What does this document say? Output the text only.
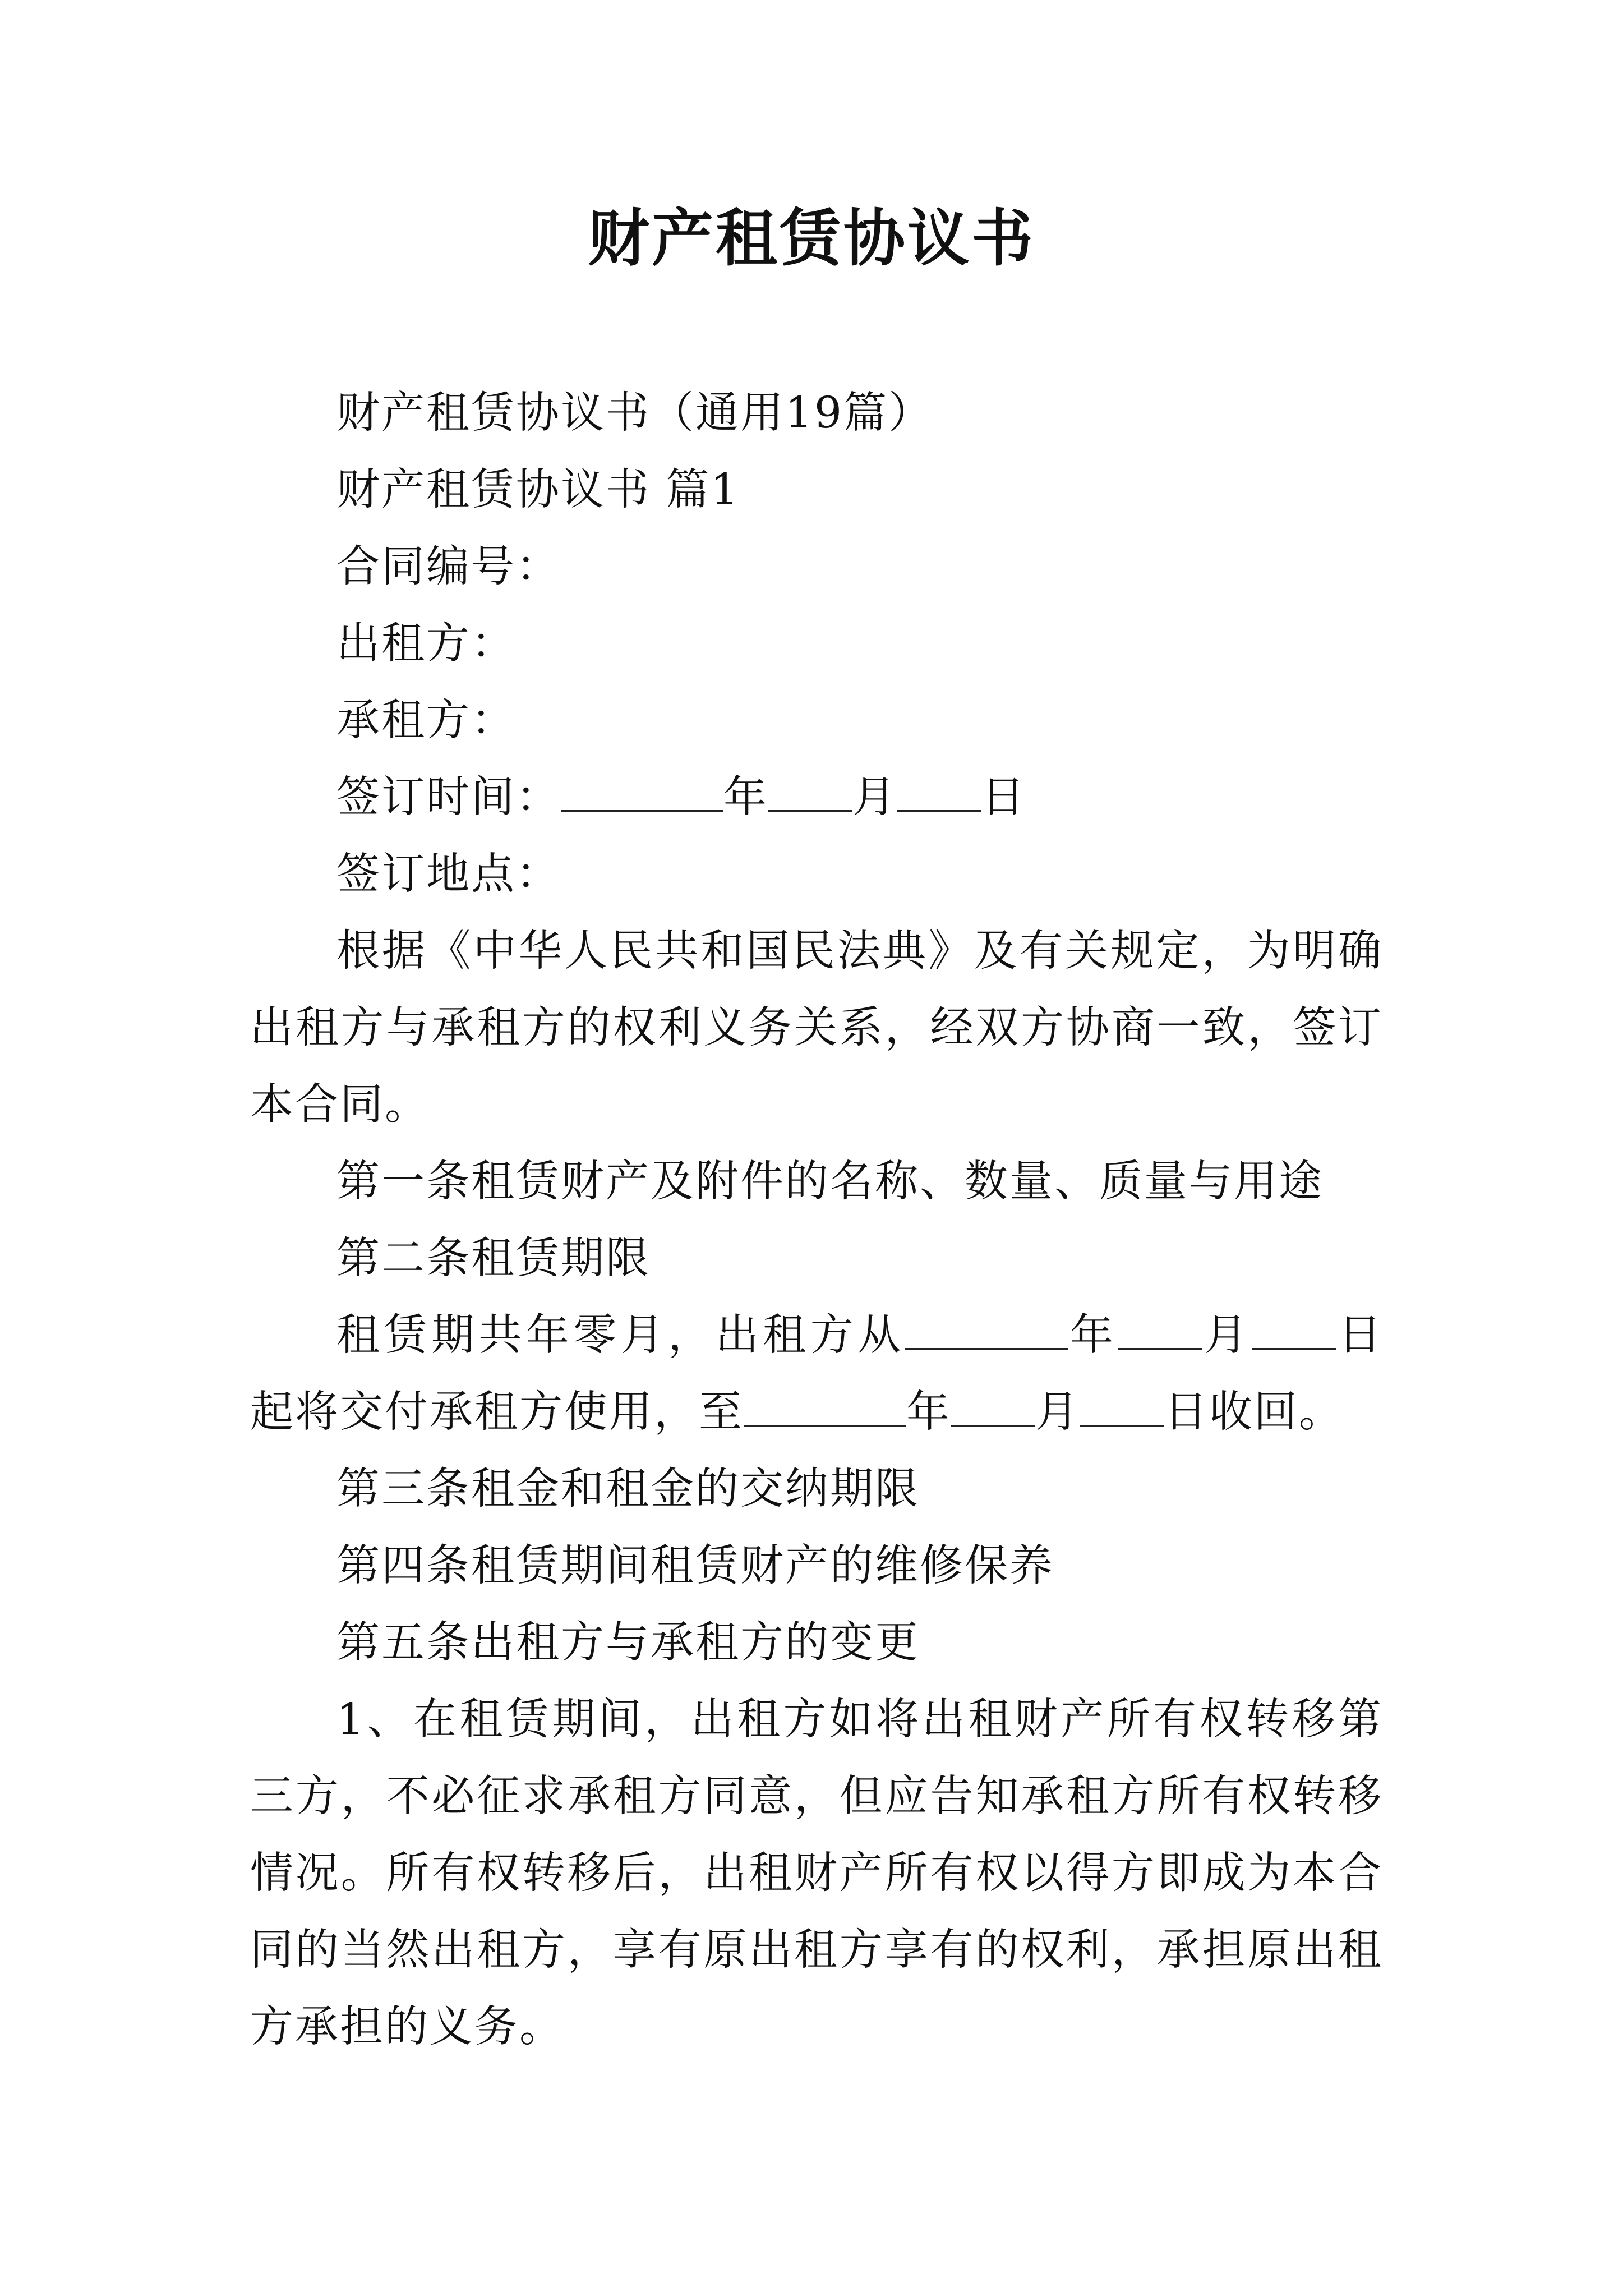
财产租赁协议书

财产租赁协议书（通用19篇）

财产租赁协议书 篇1

合同编号：

出租方：

承租方：

签订时间：	年 月 日

签订地点：

根据《中华人民共和国民法典》及有关规定，为明确出租方与承租方的权利义务关系，经双方协商一致，签订本合同。

第一条租赁财产及附件的名称、数量、质量与用途

第二条租赁期限

租赁期共年零月，出租方从	年 月 日起将交付承租方使用，至	年 月 日收回。

第三条租金和租金的交纳期限

第四条租赁期间租赁财产的维修保养

第五条出租方与承租方的变更

1、在租赁期间，出租方如将出租财产所有权转移第三方，不必征求承租方同意，但应告知承租方所有权转移情况。所有权转移后，出租财产所有权以得方即成为本合同的当然出租方，享有原出租方享有的权利，承担原出租方承担的义务。
